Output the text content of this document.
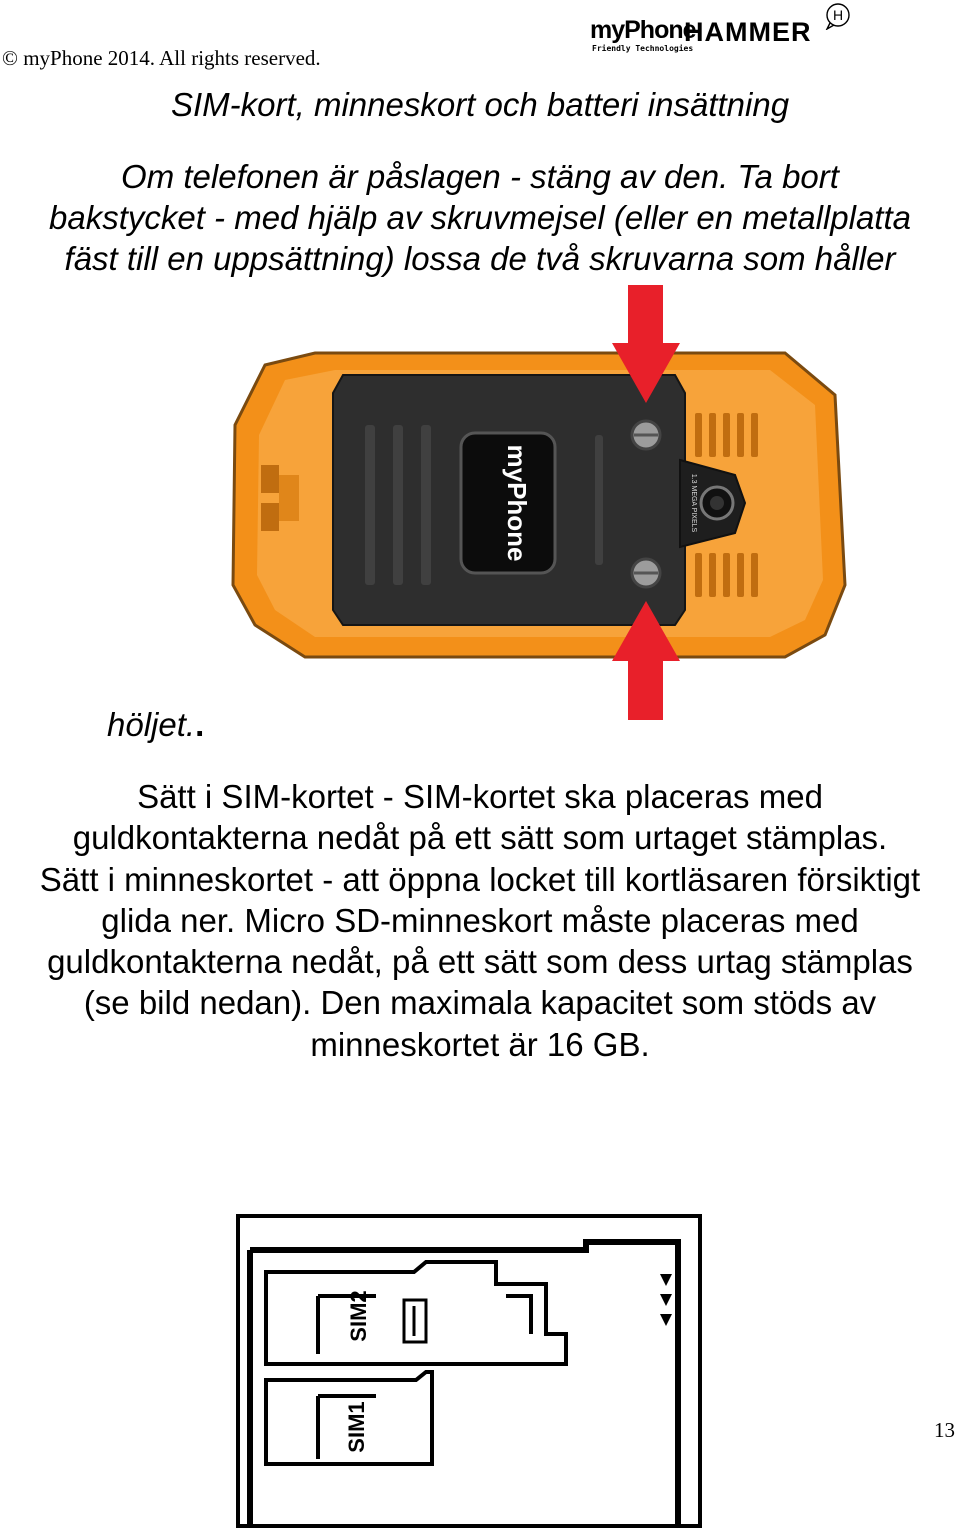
© myPhone 2014. All rights reserved.
myPhone
Friendly Technologies
HAMMER
H
SIM-kort, minneskort och batteri insättning
Om telefonen är påslagen - stäng av den. Ta bort
bakstycket - med hjälp av skruvmejsel (eller en metallplatta
fäst till en uppsättning) lossa de två skruvarna som håller
myPhone	1.3 MEGA PIXELS
höljet..
Sätt i SIM-kortet - SIM-kortet ska placeras med
guldkontakterna nedåt på ett sätt som urtaget stämplas.
Sätt i minneskortet - att öppna locket till kortläsaren försiktigt
glida ner. Micro SD-minneskort måste placeras med
guldkontakterna nedåt, på ett sätt som dess urtag stämplas
(se bild nedan). Den maximala kapacitet som stöds av
minneskortet är 16 GB.
SIM2
SIM1	13
